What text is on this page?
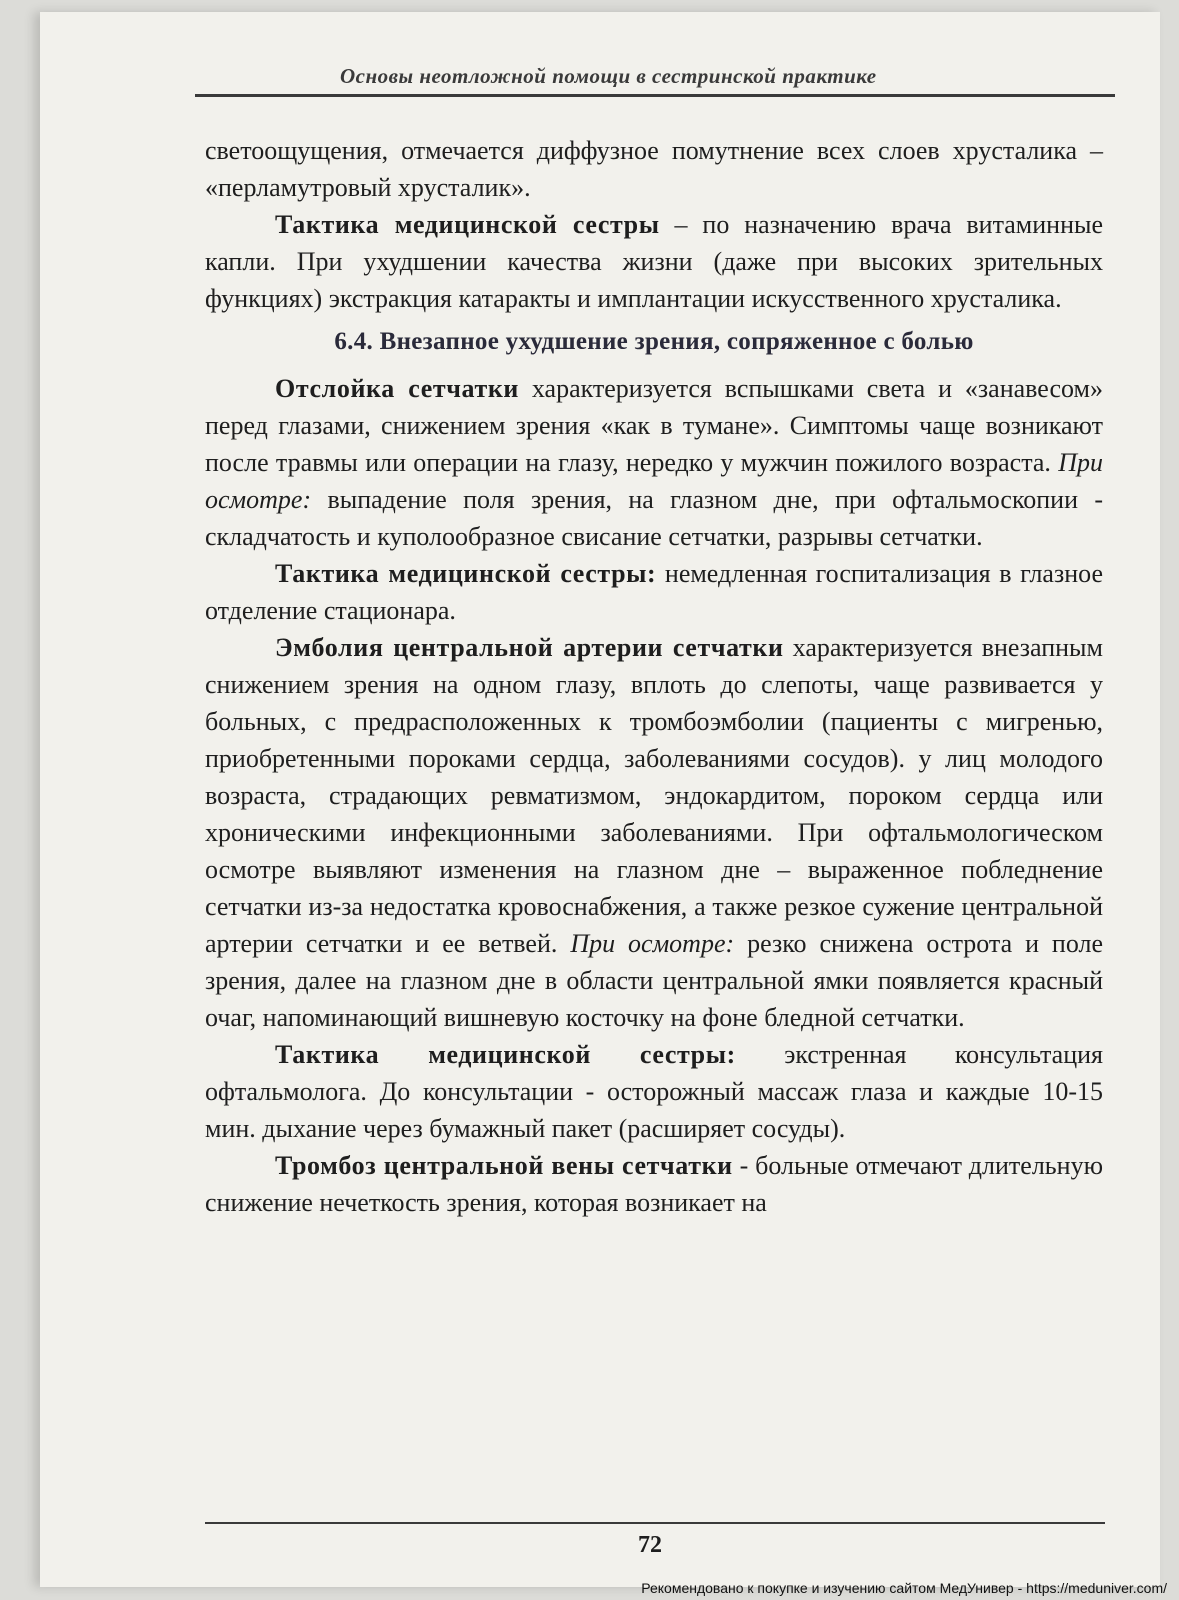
Основы неотложной помощи в сестринской практике

светоощущения, отмечается диффузное помутнение всех слоев хрусталика – «перламутровый хрусталик».

Тактика медицинской сестры – по назначению врача витаминные капли. При ухудшении качества жизни (даже при высоких зрительных функциях) экстракция катаракты и имплантации искусственного хрусталика.

6.4. Внезапное ухудшение зрения, сопряженное с болью

Отслойка сетчатки характеризуется вспышками света и «занавесом» перед глазами, снижением зрения «как в тумане». Симптомы чаще возникают после травмы или операции на глазу, нередко у мужчин пожилого возраста. При осмотре: выпадение поля зрения, на глазном дне, при офтальмоскопии - складчатость и куполообразное свисание сетчатки, разрывы сетчатки.

Тактика медицинской сестры: немедленная госпитализация в глазное отделение стационара.

Эмболия центральной артерии сетчатки характеризуется внезапным снижением зрения на одном глазу, вплоть до слепоты, чаще развивается у больных, с предрасположенных к тромбоэмболии (пациенты с мигренью, приобретенными пороками сердца, заболеваниями сосудов). у лиц молодого возраста, страдающих ревматизмом, эндокардитом, пороком сердца или хроническими инфекционными заболеваниями. При офтальмологическом осмотре выявляют изменения на глазном дне – выраженное побледнение сетчатки из-за недостатка кровоснабжения, а также резкое сужение центральной артерии сетчатки и ее ветвей. При осмотре: резко снижена острота и поле зрения, далее на глазном дне в области центральной ямки появляется красный очаг, напоминающий вишневую косточку на фоне бледной сетчатки.

Тактика медицинской сестры: экстренная консультация офтальмолога. До консультации - осторожный массаж глаза и каждые 10-15 мин. дыхание через бумажный пакет (расширяет сосуды).

Тромбоз центральной вены сетчатки - больные отмечают длительную снижение нечеткость зрения, которая возникает на

72
Рекомендовано к покупке и изучению сайтом МедУнивер - https://meduniver.com/
